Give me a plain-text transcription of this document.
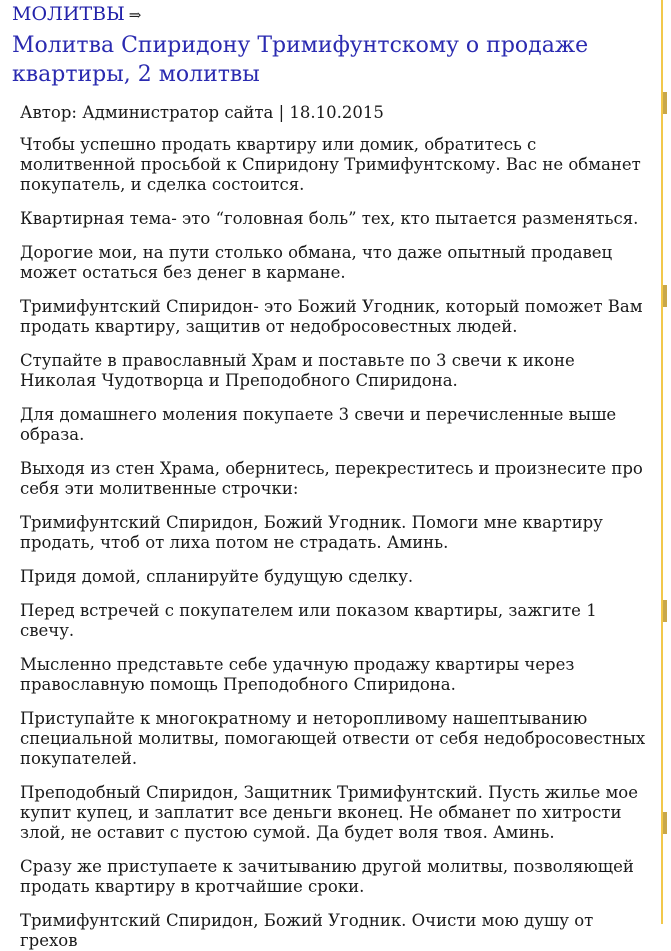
МОЛИТВЫ ⇒
Молитва Спиридону Тримифунтскому о продаже квартиры, 2 молитвы
Автор: Администратор сайта | 18.10.2015

Чтобы успешно продать квартиру или домик, обратитесь с молитвенной просьбой к Спиридону Тримифунтскому. Вас не обманет покупатель, и сделка состоится.

Квартирная тема- это “головная боль” тех, кто пытается разменяться.

Дорогие мои, на пути столько обмана, что даже опытный продавец может остаться без денег в кармане.

Тримифунтский Спиридон- это Божий Угодник, который поможет Вам продать квартиру, защитив от недобросовестных людей.

Ступайте в православный Храм и поставьте по 3 свечи к иконе Николая Чудотворца и Преподобного Спиридона.

Для домашнего моления покупаете 3 свечи и перечисленные выше образа.

Выходя из стен Храма, обернитесь, перекреститесь и произнесите про себя эти молитвенные строчки:

Тримифунтский Спиридон, Божий Угодник. Помоги мне квартиру продать, чтоб от лиха потом не страдать. Аминь.

Придя домой, спланируйте будущую сделку.

Перед встречей с покупателем или показом квартиры, зажгите 1 свечу.

Мысленно представьте себе удачную продажу квартиры через православную помощь Преподобного Спиридона.

Приступайте к многократному и неторопливому нашептыванию специальной молитвы, помогающей отвести от себя недобросовестных покупателей.

Преподобный Спиридон, Защитник Тримифунтский. Пусть жилье мое купит купец, и заплатит все деньги вконец. Не обманет по хитрости злой, не оставит с пустою сумой. Да будет воля твоя. Аминь.

Сразу же приступаете к зачитыванию другой молитвы, позволяющей продать квартиру в кротчайшие сроки.

Тримифунтский Спиридон, Божий Угодник. Очисти мою душу от грехов
